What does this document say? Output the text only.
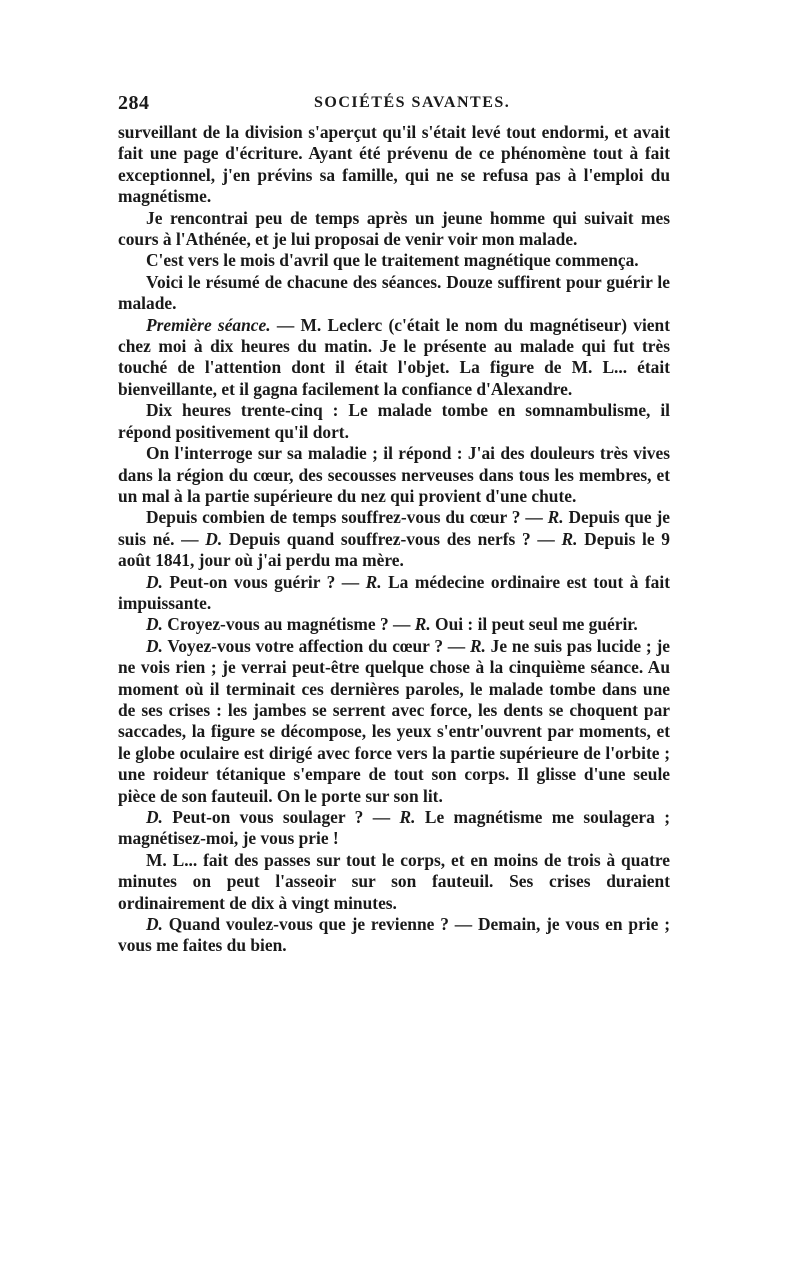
284	SOCIÉTÉS SAVANTES.

surveillant de la division s'aperçut qu'il s'était levé tout endormi, et avait fait une page d'écriture. Ayant été prévenu de ce phénomène tout à fait exceptionnel, j'en prévins sa famille, qui ne se refusa pas à l'emploi du magnétisme.

Je rencontrai peu de temps après un jeune homme qui suivait mes cours à l'Athénée, et je lui proposai de venir voir mon malade.

C'est vers le mois d'avril que le traitement magnétique commença.

Voici le résumé de chacune des séances. Douze suffirent pour guérir le malade.

Première séance. — M. Leclerc (c'était le nom du magnétiseur) vient chez moi à dix heures du matin. Je le présente au malade qui fut très touché de l'attention dont il était l'objet. La figure de M. L... était bienveillante, et il gagna facilement la confiance d'Alexandre.

Dix heures trente-cinq : Le malade tombe en somnambulisme, il répond positivement qu'il dort.

On l'interroge sur sa maladie ; il répond : J'ai des douleurs très vives dans la région du cœur, des secousses nerveuses dans tous les membres, et un mal à la partie supérieure du nez qui provient d'une chute.

Depuis combien de temps souffrez-vous du cœur ? — R. Depuis que je suis né. — D. Depuis quand souffrez-vous des nerfs ? — R. Depuis le 9 août 1841, jour où j'ai perdu ma mère.

D. Peut-on vous guérir ? — R. La médecine ordinaire est tout à fait impuissante.

D. Croyez-vous au magnétisme ? — R. Oui : il peut seul me guérir.

D. Voyez-vous votre affection du cœur ? — R. Je ne suis pas lucide ; je ne vois rien ; je verrai peut-être quelque chose à la cinquième séance. Au moment où il terminait ces dernières paroles, le malade tombe dans une de ses crises : les jambes se serrent avec force, les dents se choquent par saccades, la figure se décompose, les yeux s'entr'ouvrent par moments, et le globe oculaire est dirigé avec force vers la partie supérieure de l'orbite ; une roideur tétanique s'empare de tout son corps. Il glisse d'une seule pièce de son fauteuil. On le porte sur son lit.

D. Peut-on vous soulager ? — R. Le magnétisme me soulagera ; magnétisez-moi, je vous prie !

M. L... fait des passes sur tout le corps, et en moins de trois à quatre minutes on peut l'asseoir sur son fauteuil. Ses crises duraient ordinairement de dix à vingt minutes.

D. Quand voulez-vous que je revienne ? — Demain, je vous en prie ; vous me faites du bien.
